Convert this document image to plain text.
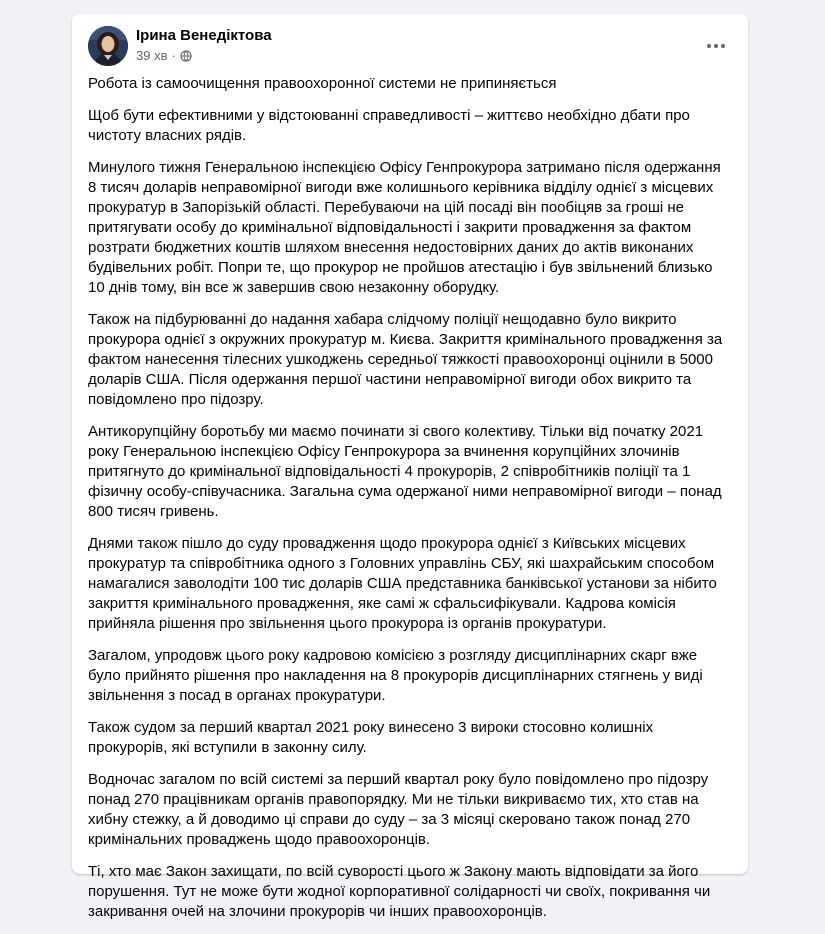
Ірина Венедіктова
39 хв ·

Робота із самоочищення правоохоронної системи не припиняється

Щоб бути ефективними у відстоюванні справедливості – життєво необхідно дбати про чистоту власних рядів.

Минулого тижня Генеральною інспекцією Офісу Генпрокурора затримано після одержання 8 тисяч доларів неправомірної вигоди вже колишнього керівника відділу однієї з місцевих прокуратур в Запорізькій області. Перебуваючи на цій посаді він пообіцяв за гроші не притягувати особу до кримінальної відповідальності і закрити провадження за фактом розтрати бюджетних коштів шляхом внесення недостовірних даних до актів виконаних будівельних робіт. Попри те, що прокурор не пройшов атестацію і був звільнений близько 10 днів тому, він все ж завершив свою незаконну оборудку.

Також на підбурюванні до надання хабара слідчому поліції нещодавно було викрито прокурора однієї з окружних прокуратур м. Києва. Закриття кримінального провадження за фактом нанесення тілесних ушкоджень середньої тяжкості правоохоронці оцінили в 5000 доларів США. Після одержання першої частини неправомірної вигоди обох викрито та повідомлено про підозру.

Антикорупційну боротьбу ми маємо починати зі свого колективу. Тільки від початку 2021 року Генеральною інспекцією Офісу Генпрокурора за вчинення корупційних злочинів притягнуто до кримінальної відповідальності 4 прокурорів, 2 співробітників поліції та 1 фізичну особу-співучасника. Загальна сума одержаної ними неправомірної вигоди – понад 800 тисяч гривень.

Днями також пішло до суду провадження щодо прокурора однієї з Київських місцевих прокуратур та співробітника одного з Головних управлінь СБУ, які шахрайським способом намагалися заволодіти 100 тис доларів США представника банківської установи за нібито закриття кримінального провадження, яке самі ж сфальсифікували. Кадрова комісія прийняла рішення про звільнення цього прокурора із органів прокуратури.

Загалом, упродовж цього року кадровою комісією з розгляду дисциплінарних скарг вже було прийнято рішення про накладення на 8 прокурорів дисциплінарних стягнень у виді звільнення з посад в органах прокуратури.

Також судом за перший квартал 2021 року винесено 3 вироки стосовно колишніх прокурорів, які вступили в законну силу.

Водночас загалом по всій системі за перший квартал року було повідомлено про підозру понад 270 працівникам органів правопорядку. Ми не тільки викриваємо тих, хто став на хибну стежку, а й доводимо ці справи до суду – за 3 місяці скеровано також понад 270 кримінальних проваджень щодо правоохоронців.

Ті, хто має Закон захищати, по всій суворості цього ж Закону мають відповідати за його порушення. Тут не може бути жодної корпоративної солідарності чи своїх, покривання чи закривання очей на злочини прокурорів чи інших правоохоронців.
